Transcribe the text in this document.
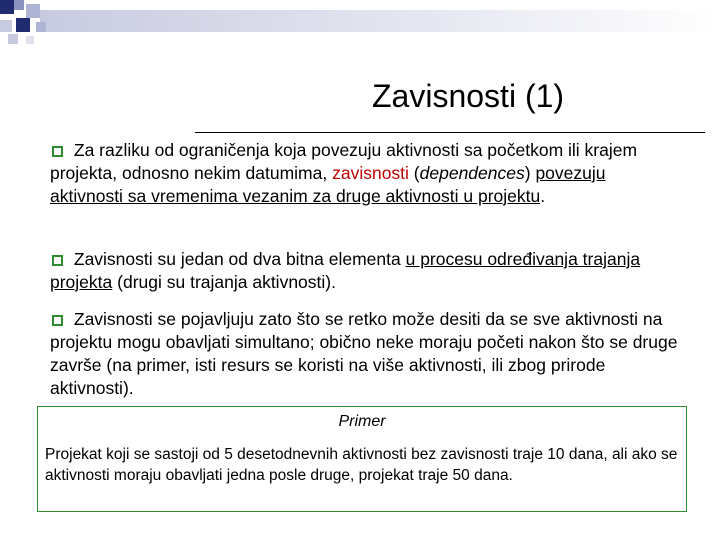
Zavisnosti (1)
Za razliku od ograničenja koja povezuju aktivnosti sa početkom ili krajem projekta, odnosno nekim datumima, zavisnosti (dependences) povezuju aktivnosti sa vremenima vezanim za druge aktivnosti u projektu.
Zavisnosti su jedan od dva bitna elementa u procesu određivanja trajanja projekta (drugi su trajanja aktivnosti).
Zavisnosti se pojavljuju zato što se retko može desiti da se sve aktivnosti na projektu mogu obavljati simultano; obično neke moraju početi nakon što se druge završe (na primer, isti resurs se koristi na više aktivnosti, ili zbog prirode aktivnosti).
Primer
Projekat koji se sastoji od 5 desetodnevnih aktivnosti bez zavisnosti traje 10 dana, ali ako se aktivnosti moraju obavljati jedna posle druge, projekat traje 50 dana.
